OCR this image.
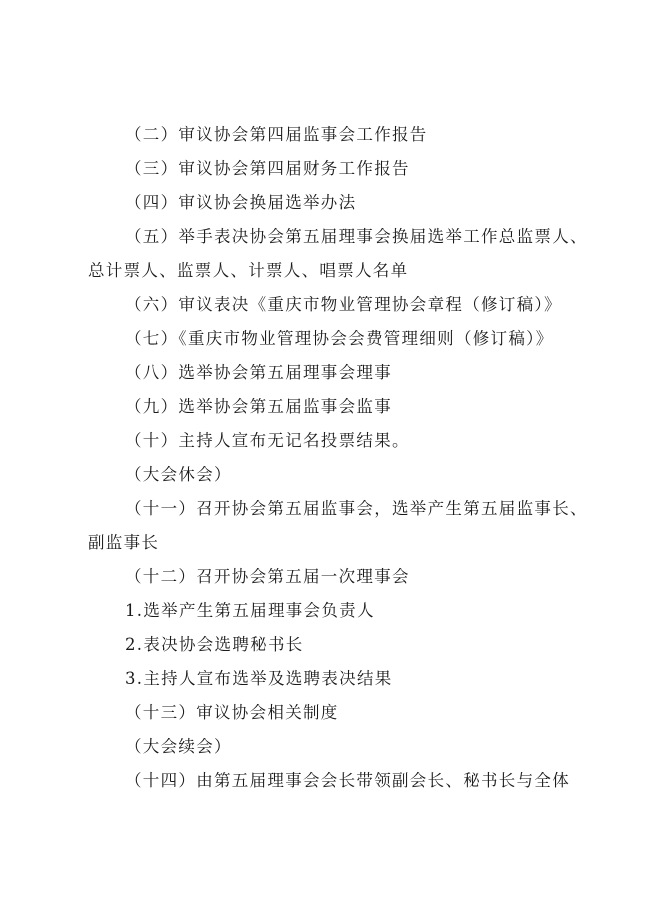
（二）审议协会第四届监事会工作报告

（三）审议协会第四届财务工作报告

（四）审议协会换届选举办法

（五）举手表决协会第五届理事会换届选举工作总监票人、

总计票人、监票人、计票人、唱票人名单

（六）审议表决《重庆市物业管理协会章程（修订稿）》

（七）《重庆市物业管理协会会费管理细则（修订稿）》

（八）选举协会第五届理事会理事

（九）选举协会第五届监事会监事

（十）主持人宣布无记名投票结果。

（大会休会）

（十一）召开协会第五届监事会，选举产生第五届监事长、

副监事长

（十二）召开协会第五届一次理事会

1.选举产生第五届理事会负责人

2.表决协会选聘秘书长

3.主持人宣布选举及选聘表决结果

（十三）审议协会相关制度

（大会续会）

（十四）由第五届理事会会长带领副会长、秘书长与全体
